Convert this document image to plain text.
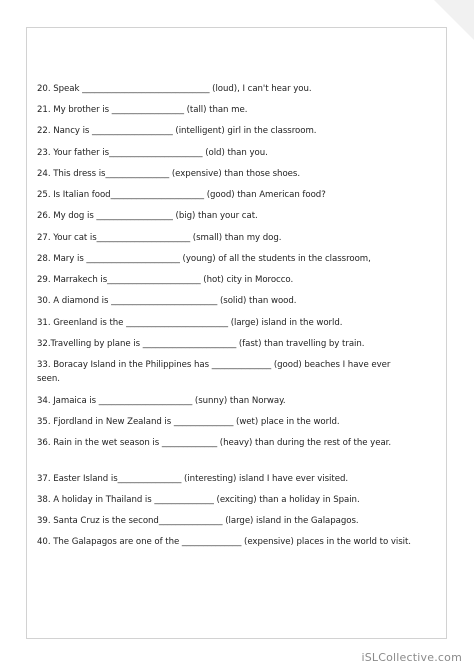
20. Speak ______________________________ (loud), I can't hear you.

21. My brother is _________________ (tall) than me.

22. Nancy is ___________________ (intelligent) girl in the classroom.

23. Your father is______________________ (old) than you.

24. This dress is_______________ (expensive) than those shoes.

25. Is Italian food______________________ (good) than American food?

26. My dog is __________________ (big) than your cat.

27. Your cat is______________________ (small) than my dog.

28. Mary is ______________________ (young) of all the students in the classroom,

29. Marrakech is______________________ (hot) city in Morocco.

30. A diamond is _________________________ (solid) than wood.

31. Greenland is the ________________________ (large) island in the world.

32.Travelling by plane is ______________________ (fast) than travelling by train.

33. Boracay Island in the Philippines has ______________ (good) beaches I have ever seen.

34. Jamaica is ______________________ (sunny) than Norway.

35. Fjordland in New Zealand is ______________ (wet) place in the world.

36. Rain in the wet season is _____________ (heavy) than during the rest of the year.

37. Easter Island is_______________ (interesting) island I have ever visited.

38. A holiday in Thailand is ______________ (exciting) than a holiday in Spain.

39. Santa Cruz is the second_______________ (large) island in the Galapagos.

40. The Galapagos are one of the ______________ (expensive) places in the world to visit.

iSLCollective.com
